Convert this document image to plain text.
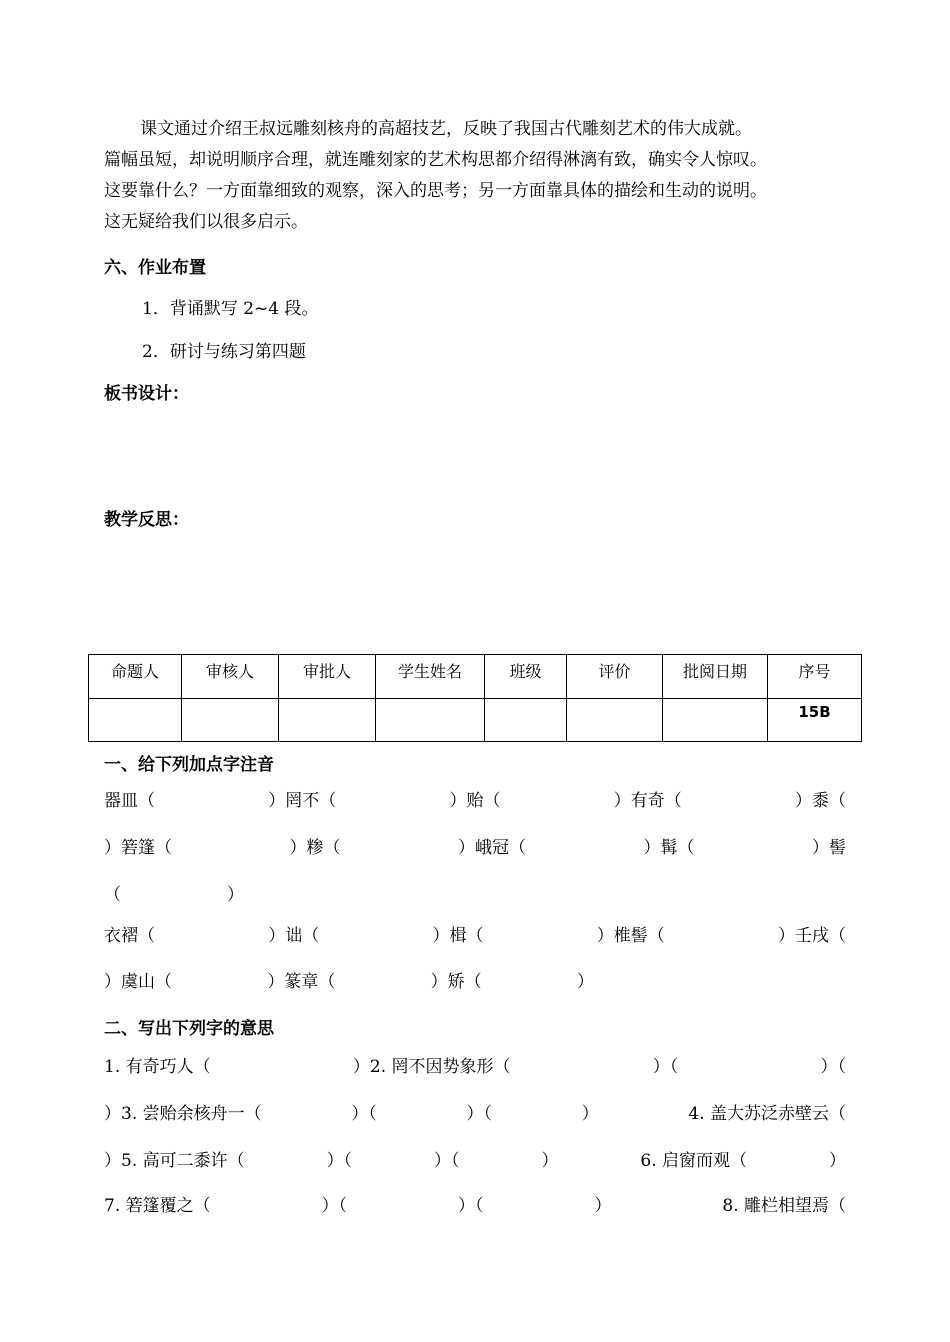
课文通过介绍王叔远雕刻核舟的高超技艺，反映了我国古代雕刻艺术的伟大成就。

篇幅虽短，却说明顺序合理，就连雕刻家的艺术构思都介绍得淋漓有致，确实令人惊叹。

这要靠什么？一方面靠细致的观察，深入的思考；另一方面靠具体的描绘和生动的说明。

这无疑给我们以很多启示。

六、作业布置
1．背诵默写 2~4 段。
2．研讨与练习第四题
板书设计：
教学反思：
命题人	审核人	审批人	学生姓名	班级	评价	批阅日期	序号
							15B
一、给下列加点字注音
器皿（	）罔不（	）贻（	）有奇（	）黍（
）箬篷（	）糁（	）峨冠（	）髯（	）髻
（	）
衣褶（	）诎（	）楫（	）椎髻（	）壬戌（
）虞山（	）篆章（	）矫（	）
二、写出下列字的意思
1. 有奇巧人（	）2. 罔不因势象形（	）（	）（
）3. 尝贻余核舟一（	）（	）（	）	4. 盖大苏泛赤壁云（
）5. 高可二黍许（	）（	）（	）	6. 启窗而观（	）
7. 箬篷覆之（	）（	）（	）	8. 雕栏相望焉（
